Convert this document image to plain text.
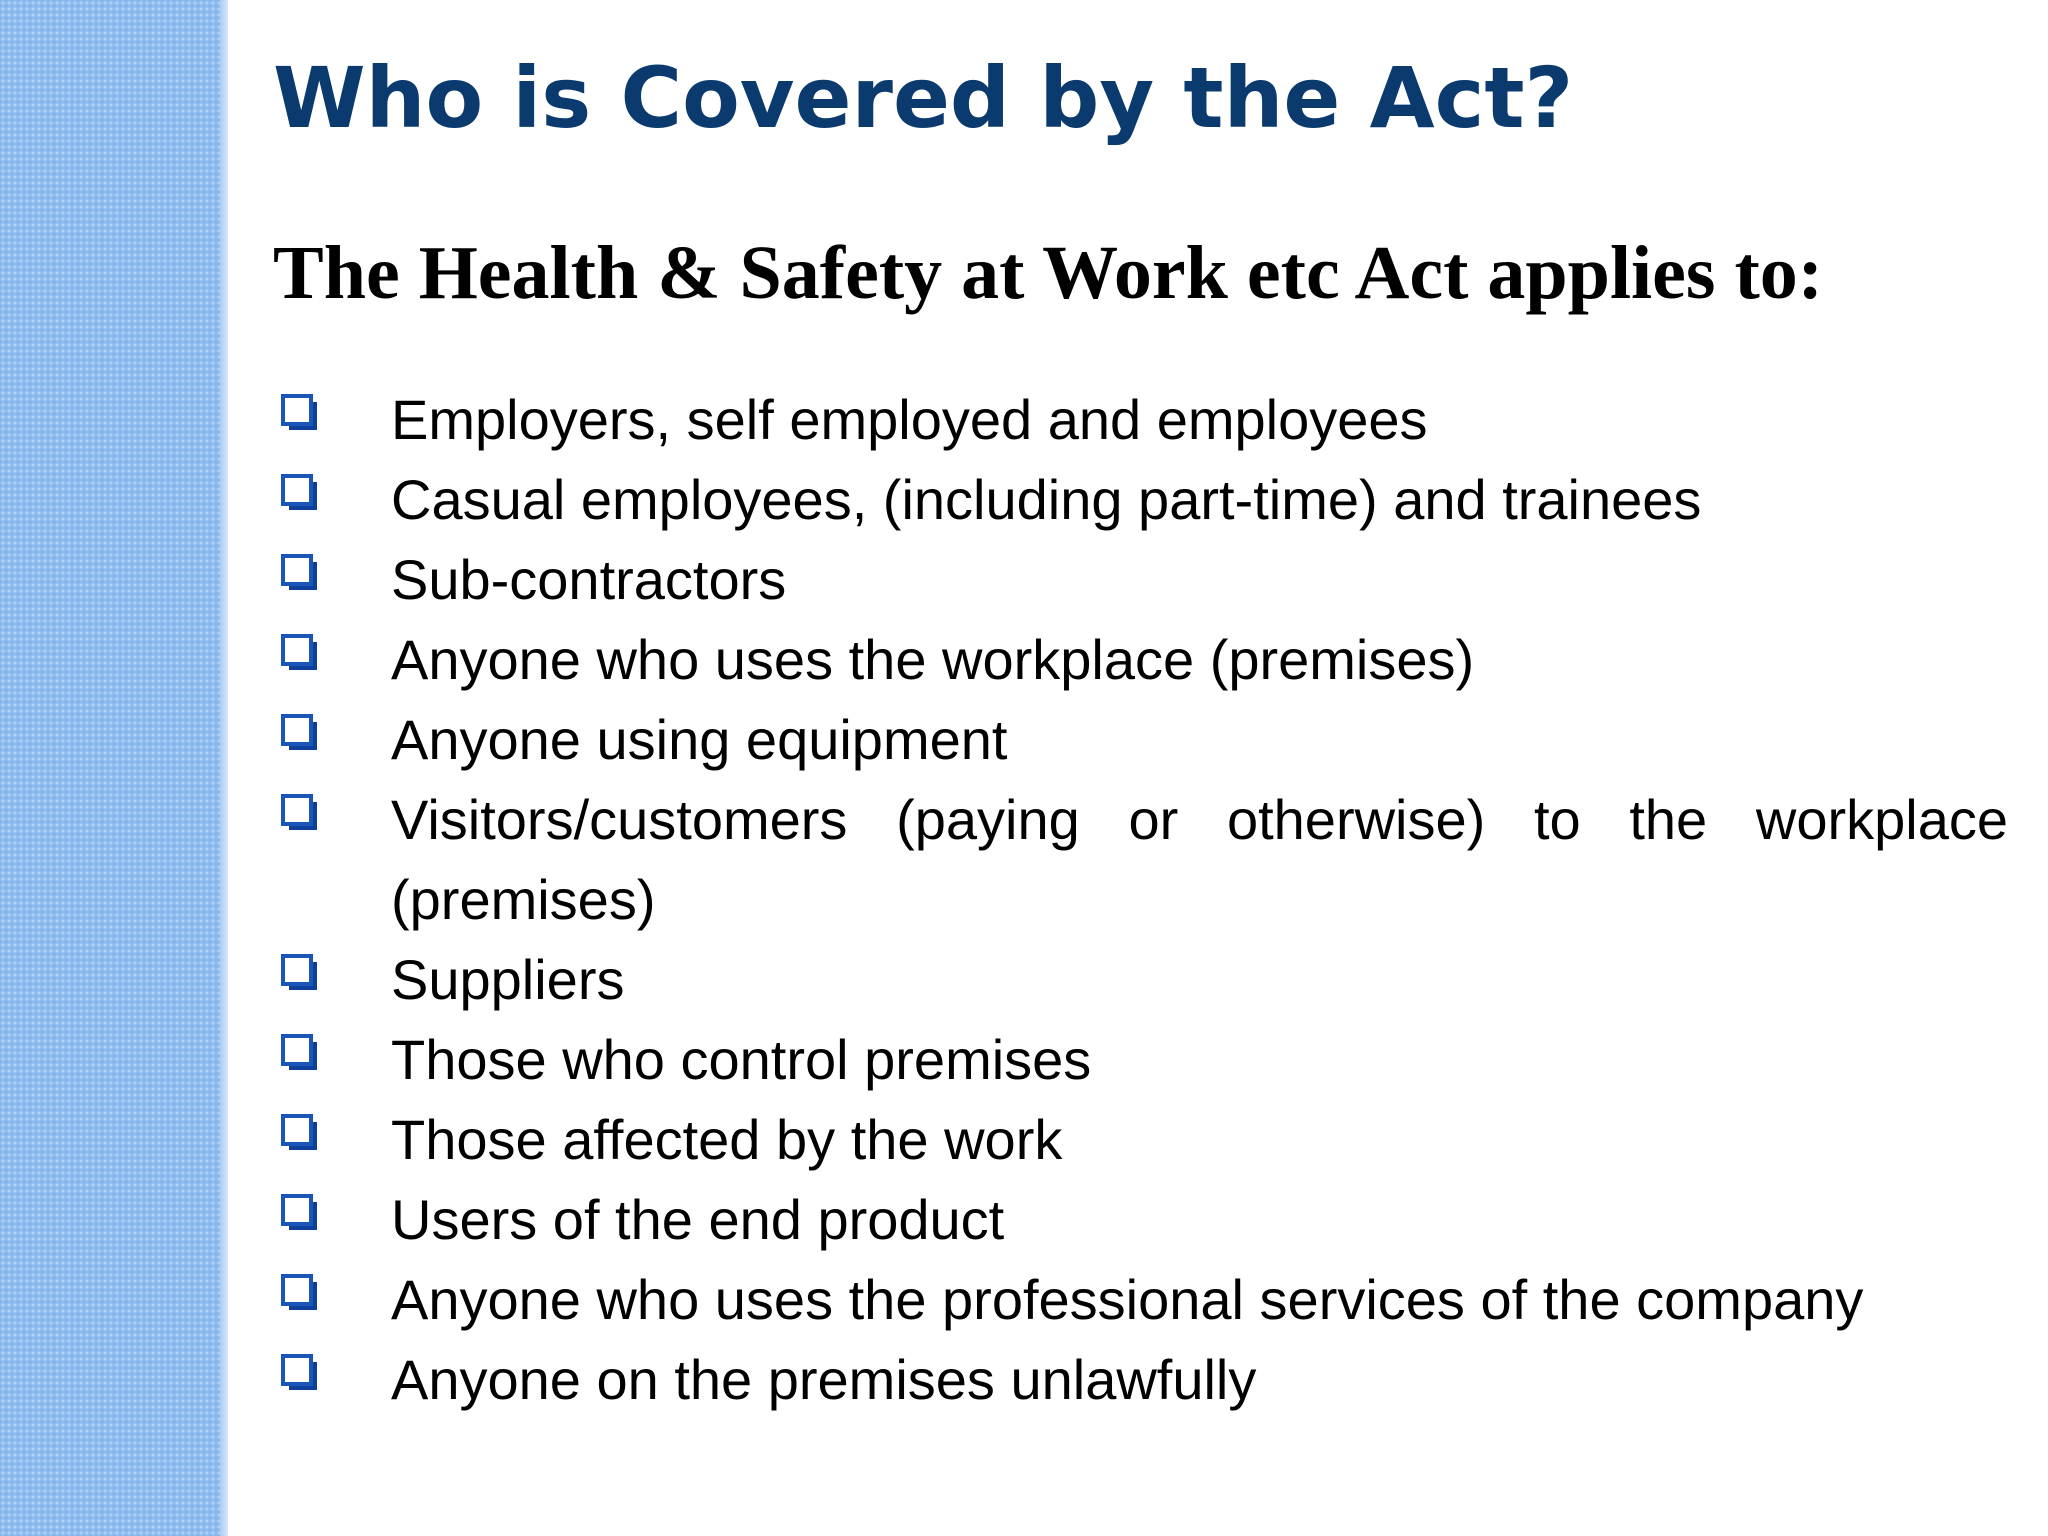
Who is Covered by the Act?
The Health & Safety at Work etc Act applies to:
Employers, self employed and employees
Casual employees, (including part-time) and trainees
Sub-contractors
Anyone who uses the workplace (premises)
Anyone using equipment
Visitors/customers (paying or otherwise) to the workplace (premises)
Suppliers
Those who control premises
Those affected by the work
Users of the end product
Anyone who uses the professional services of the company
Anyone on the premises unlawfully
